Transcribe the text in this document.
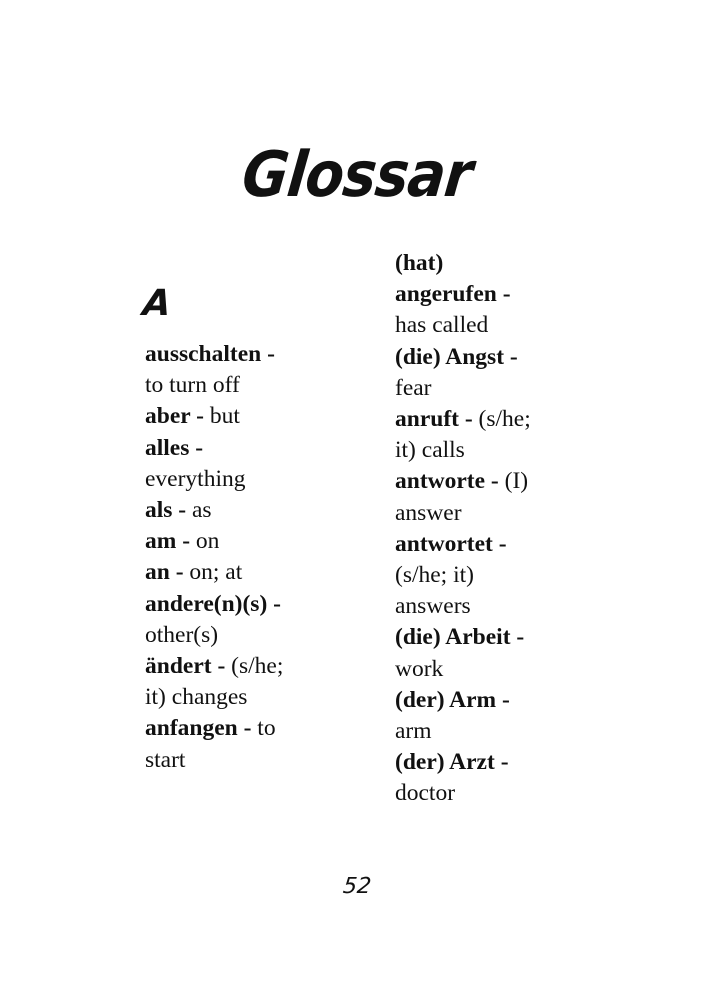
Glossar
A
ausschalten -
to turn off
aber - but
alles -
everything
als - as
am - on
an - on; at
andere(n)(s) -
other(s)
ändert - (s/he;
it) changes
anfangen - to
start
(hat)
angerufen -
has called
(die) Angst -
fear
anruft - (s/he;
it) calls
antworte - (I)
answer
antwortet -
(s/he; it)
answers
(die) Arbeit -
work
(der) Arm -
arm
(der) Arzt -
doctor
52
